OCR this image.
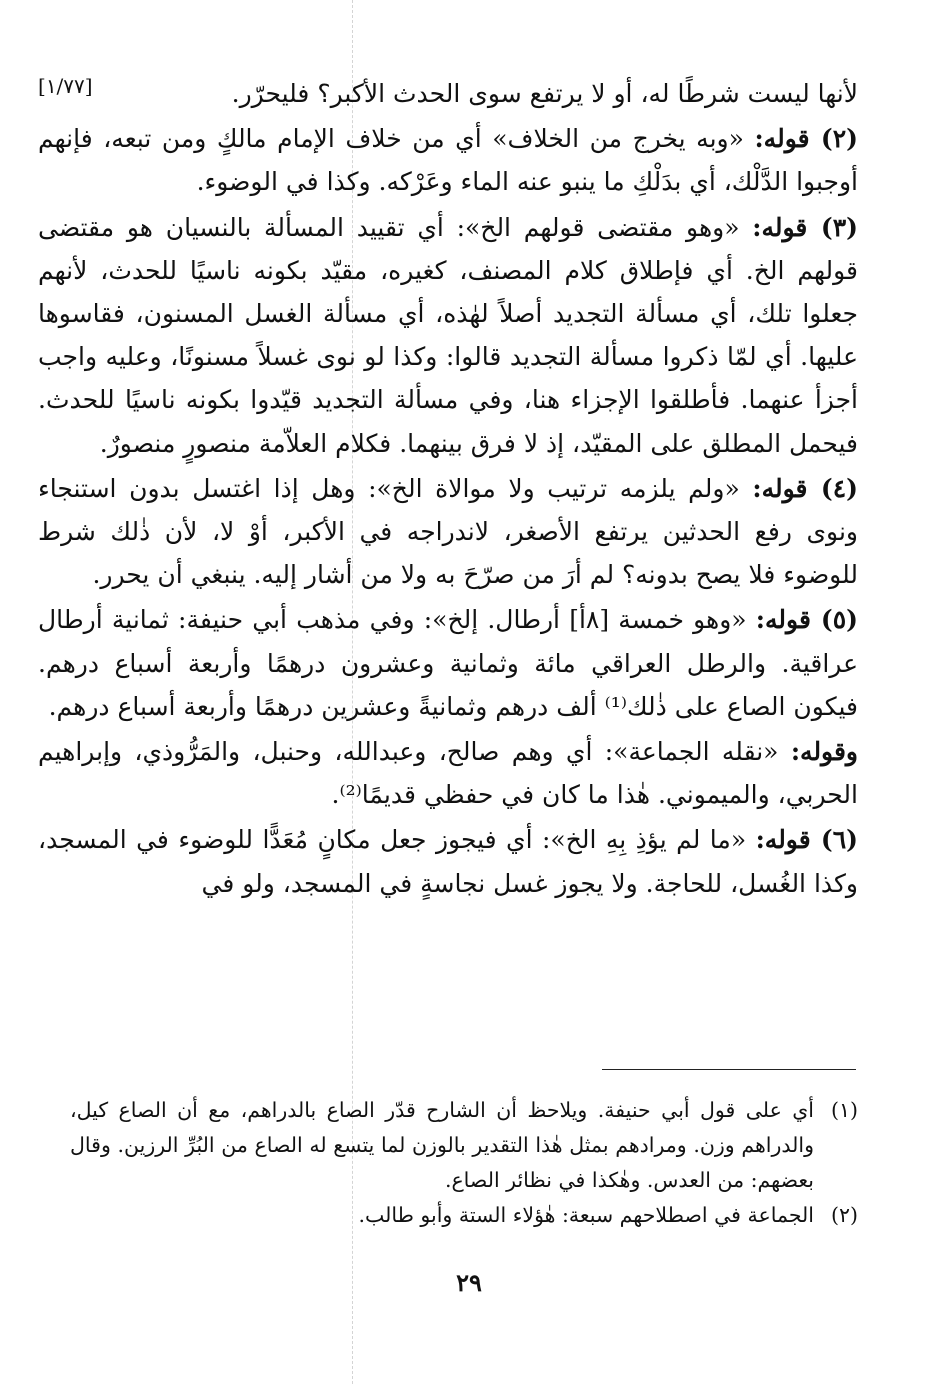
[١/٧٧]	لأنها ليست شرطًا له، أو لا يرتفع سوى الحدث الأكبر؟ فليحرّر.

(٢) قوله: «وبه يخرج من الخلاف» أي من خلاف الإمام مالكٍ ومن تبعه، فإنهم أوجبوا الدَّلْك، أي بدَلْكِ ما ينبو عنه الماء وعَرْكه. وكذا في الوضوء.

(٣) قوله: «وهو مقتضى قولهم الخ»: أي تقييد المسألة بالنسيان هو مقتضى قولهم الخ. أي فإطلاق كلام المصنف، كغيره، مقيّد بكونه ناسيًا للحدث، لأنهم جعلوا تلك، أي مسألة التجديد أصلاً لهٰذه، أي مسألة الغسل المسنون، فقاسوها عليها. أي لمّا ذكروا مسألة التجديد قالوا: وكذا لو نوى غسلاً مسنونًا، وعليه واجب أجزأ عنهما. فأطلقوا الإجزاء هنا، وفي مسألة التجديد قيّدوا بكونه ناسيًا للحدث. فيحمل المطلق على المقيّد، إذ لا فرق بينهما. فكلام العلاّمة منصورٍ منصورٌ.

(٤) قوله: «ولم يلزمه ترتيب ولا موالاة الخ»: وهل إذا اغتسل بدون استنجاء ونوى رفع الحدثين يرتفع الأصغر، لاندراجه في الأكبر، أوْ لا، لأن ذٰلك شرط للوضوء فلا يصح بدونه؟ لم أرَ من صرّحَ به ولا من أشار إليه. ينبغي أن يحرر.

(٥) قوله: «وهو خمسة [٨أ] أرطال. إلخ»: وفي مذهب أبي حنيفة: ثمانية أرطال عراقية. والرطل العراقي مائة وثمانية وعشرون درهمًا وأربعة أسباع درهم. فيكون الصاع على ذٰلك⁽¹⁾ ألف درهم وثمانيةً وعشرين درهمًا وأربعة أسباع درهم.

وقوله: «نقله الجماعة»: أي وهم صالح، وعبدالله، وحنبل، والمَرُّوذي، وإبراهيم الحربي، والميموني. هٰذا ما كان في حفظي قديمًا⁽²⁾.

(٦) قوله: «ما لم يؤذِ بِهِ الخ»: أي فيجوز جعل مكانٍ مُعَدًّا للوضوء في المسجد، وكذا الغُسل، للحاجة. ولا يجوز غسل نجاسةٍ في المسجد، ولو في

(١)
أي على قول أبي حنيفة. ويلاحظ أن الشارح قدّر الصاع بالدراهم، مع أن الصاع كيل، والدراهم وزن. ومرادهم بمثل هٰذا التقدير بالوزن لما يتسع له الصاع من البُرِّ الرزين. وقال بعضهم: من العدس. وهٰكذا في نظائر الصاع.

(٢)
الجماعة في اصطلاحهم سبعة: هٰؤلاء الستة وأبو طالب.

٢٩
